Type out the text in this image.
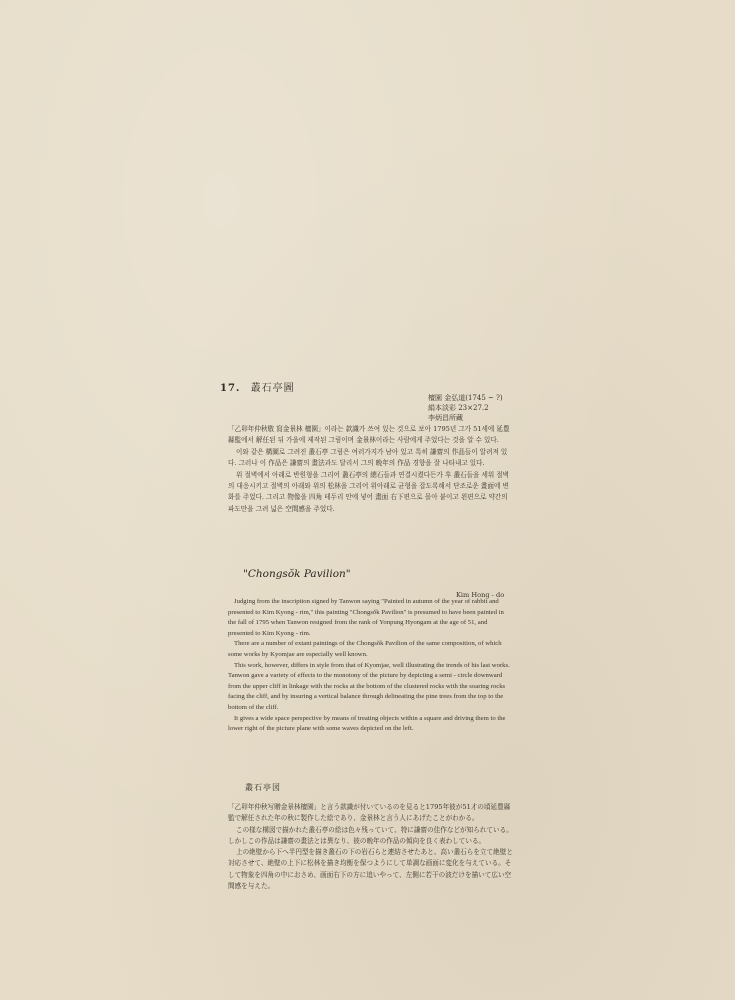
17. 叢石亭圖
檀園 金弘道(1745 ~ ?)
絹本淡彩 23×27.2
李炳昌所藏

「乙卯年仲秋敬 寫金景林 檀園」이라는 款識가 쓰여 있는 것으로 보아 1795년 그가 51세에 延豊縣監에서 解任된 뒤 가을에 제작된 그림이며 金景林이라는 사람에게 주었다는 것을 알 수 있다.

이와 같은 構圖로 그려진 叢石亭 그림은 여러가지가 남아 있고 특히 謙齋의 作品들이 알려져 있다. 그러나 이 作品은 謙齋의 畫法과도 달리서 그의 晩年의 作品 경향을 잘 나타내고 있다.

위 절벽에서 아래로 반원형을 그리어 叢石亭의 總石들과 연결시켰다든가 후 叢石들을 세워 절벽의 대응시키고 절벽의 아래와 위의 松林을 그리어 위아래로 균형을 잡도록해서 단조로운 畫面에 변화를 주었다. 그리고 物像을 四角 테두리 안에 넣어 畫面 右下편으로 몰아 붙이고 왼편으로 약간의 파도만을 그려 넓은 空間感을 주었다.

"Chongsŏk Pavilion"
Kim Hong - do

Judging from the inscription signed by Tanwon saying "Painted in autumn of the year of rabbit and presented to Kim Kyong - rim," this painting "Chongsŏk Pavilion" is presumed to have been painted in the fall of 1795 when Tanwon resigned from the rank of Yonpung Hyongam at the age of 51, and presented to Kim Kyong - rim.

There are a number of extant paintings of the Chongsŏk Pavilion of the same composition, of which some works by Kyomjae are especially well known.

This work, however, differs in style from that of Kyomjae, well illustrating the trends of his last works. Tanwon gave a variety of effects to the monotony of the picture by depicting a semi - circle downward from the upper cliff in linkage with the rocks at the bottom of the clustered rocks with the soaring rocks facing the cliff, and by insuring a vertical balance through delineating the pine trees from the top to the bottom of the cliff.

It gives a wide space perspective by means of treating objects within a square and driving them to the lower right of the picture plane with some waves depicted on the left.

叢石亭図

「乙卯年仲秋写贈金景林檀園」と言う款識が付いているのを見ると1795年彼が51才の頃延豊縣監で解任された年の秋に製作した絵であり、金景林と言う人にあげたことがわかる。

この様な構図で描かれた叢石亭の絵は色々残っていて、特に謙齋の佳作などが知られている。しかしこの作品は謙齋の畫法とは異なり、彼の晩年の作品の傾向を良く表わしている。

上の絶壁から下へ半円型を描き叢石の下の岩石らと連結させたあと、高い叢石らを立て絶壁と対応させて、絶壁の上下に松林を描き均衡を保つようにして単調な画面に変化を与えている。そして物象を四角の中におさめ、画面右下の方に追いやって、左側に若干の波だけを描いて広い空間感を与えた。
